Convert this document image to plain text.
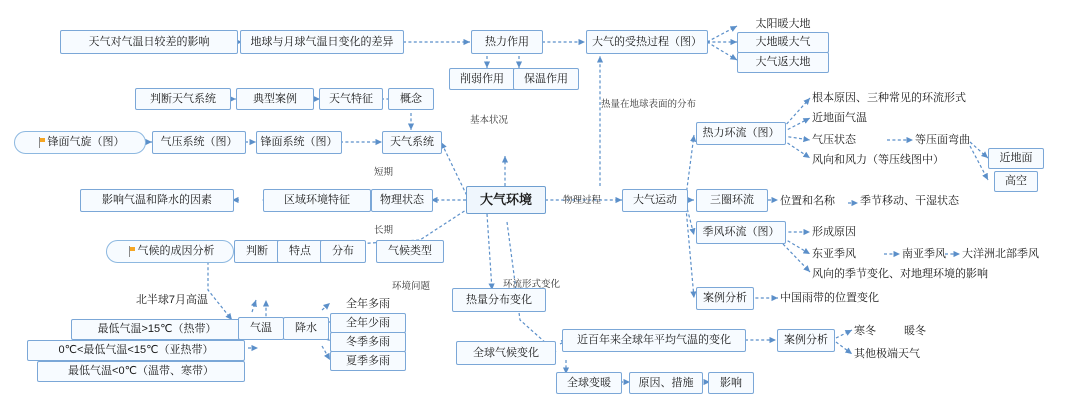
天气对气温日较差的影响	地球与月球气温日变化的差异	热力作用	大气的受热过程（图）
太阳暖大地
大地暖大气
大气返大地
削弱作用 保温作用
判断天气系统	典型案例	天气特征 概念
锋面气旋（图）	气压系统（图） 锋面系统（图）	天气系统
影响气温和降水的因素	区域环境特征	物理状态	大气环境
气候的成因分析	判断 特点 分布	气候类型
北半球7月高温
最低气温>15℃（热带）
0℃<最低气温<15℃（亚热带）
最低气温<0℃（温带、寒带）
气温 降水
全年多雨
全年少雨
冬季多雨
夏季多雨
大气运动
热力环流（图）
三圈环流
季风环流（图）
案例分析
根本原因、三种常见的环流形式
近地面气温
气压状态	等压面弯曲
风向和风力（等压线图中）	近地面
高空
位置和名称 季节移动、干湿状态
形成原因
东亚季风	南亚季风 大洋洲北部季风
风向的季节变化、对地理环境的影响
中国雨带的位置变化
热量分布变化
全球气候变化
近百年来全球年平均气温的变化	案例分析
寒冬	暖冬
其他极端天气
全球变暖	原因、措施 影响
基本状况
热量在地球表面的分布
短期
长期
物理过程
环境问题	环流形式变化
